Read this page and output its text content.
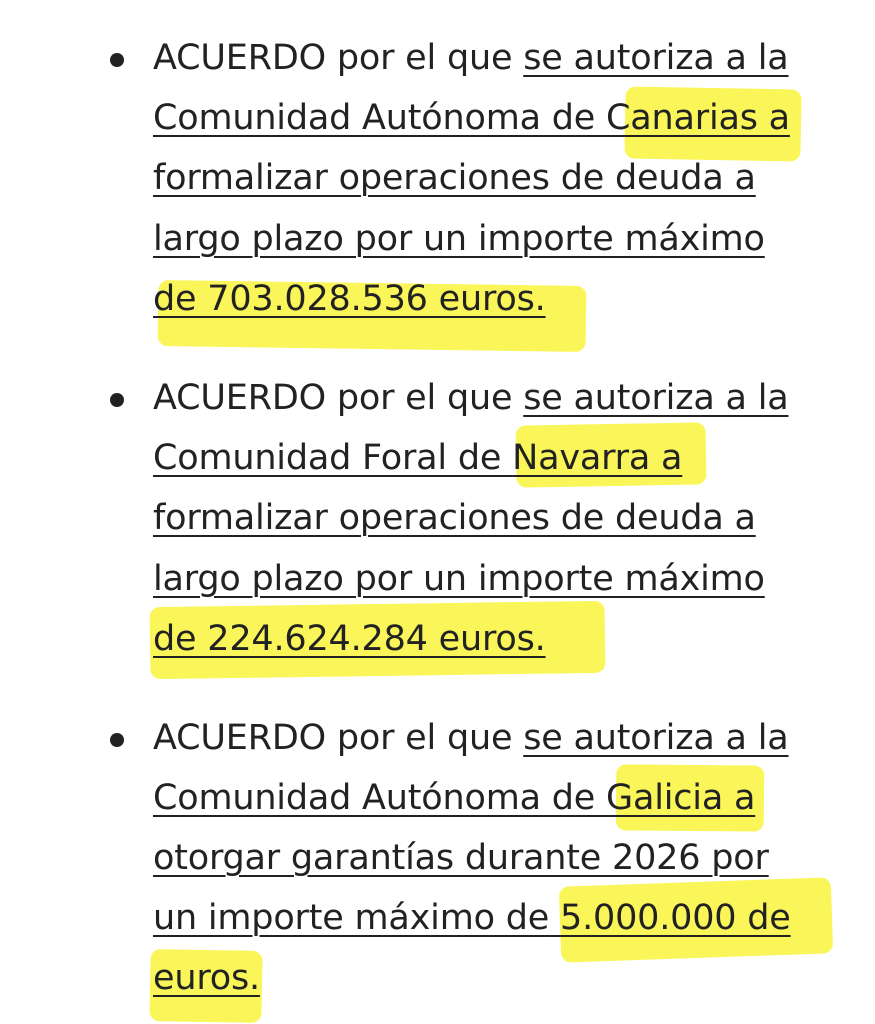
ACUERDO por el que se autoriza a la
Comunidad Autónoma de Canarias a
formalizar operaciones de deuda a
largo plazo por un importe máximo
de 703.028.536 euros.
ACUERDO por el que se autoriza a la
Comunidad Foral de Navarra a
formalizar operaciones de deuda a
largo plazo por un importe máximo
de 224.624.284 euros.
ACUERDO por el que se autoriza a la
Comunidad Autónoma de Galicia a
otorgar garantías durante 2026 por
un importe máximo de 5.000.000 de
euros.
